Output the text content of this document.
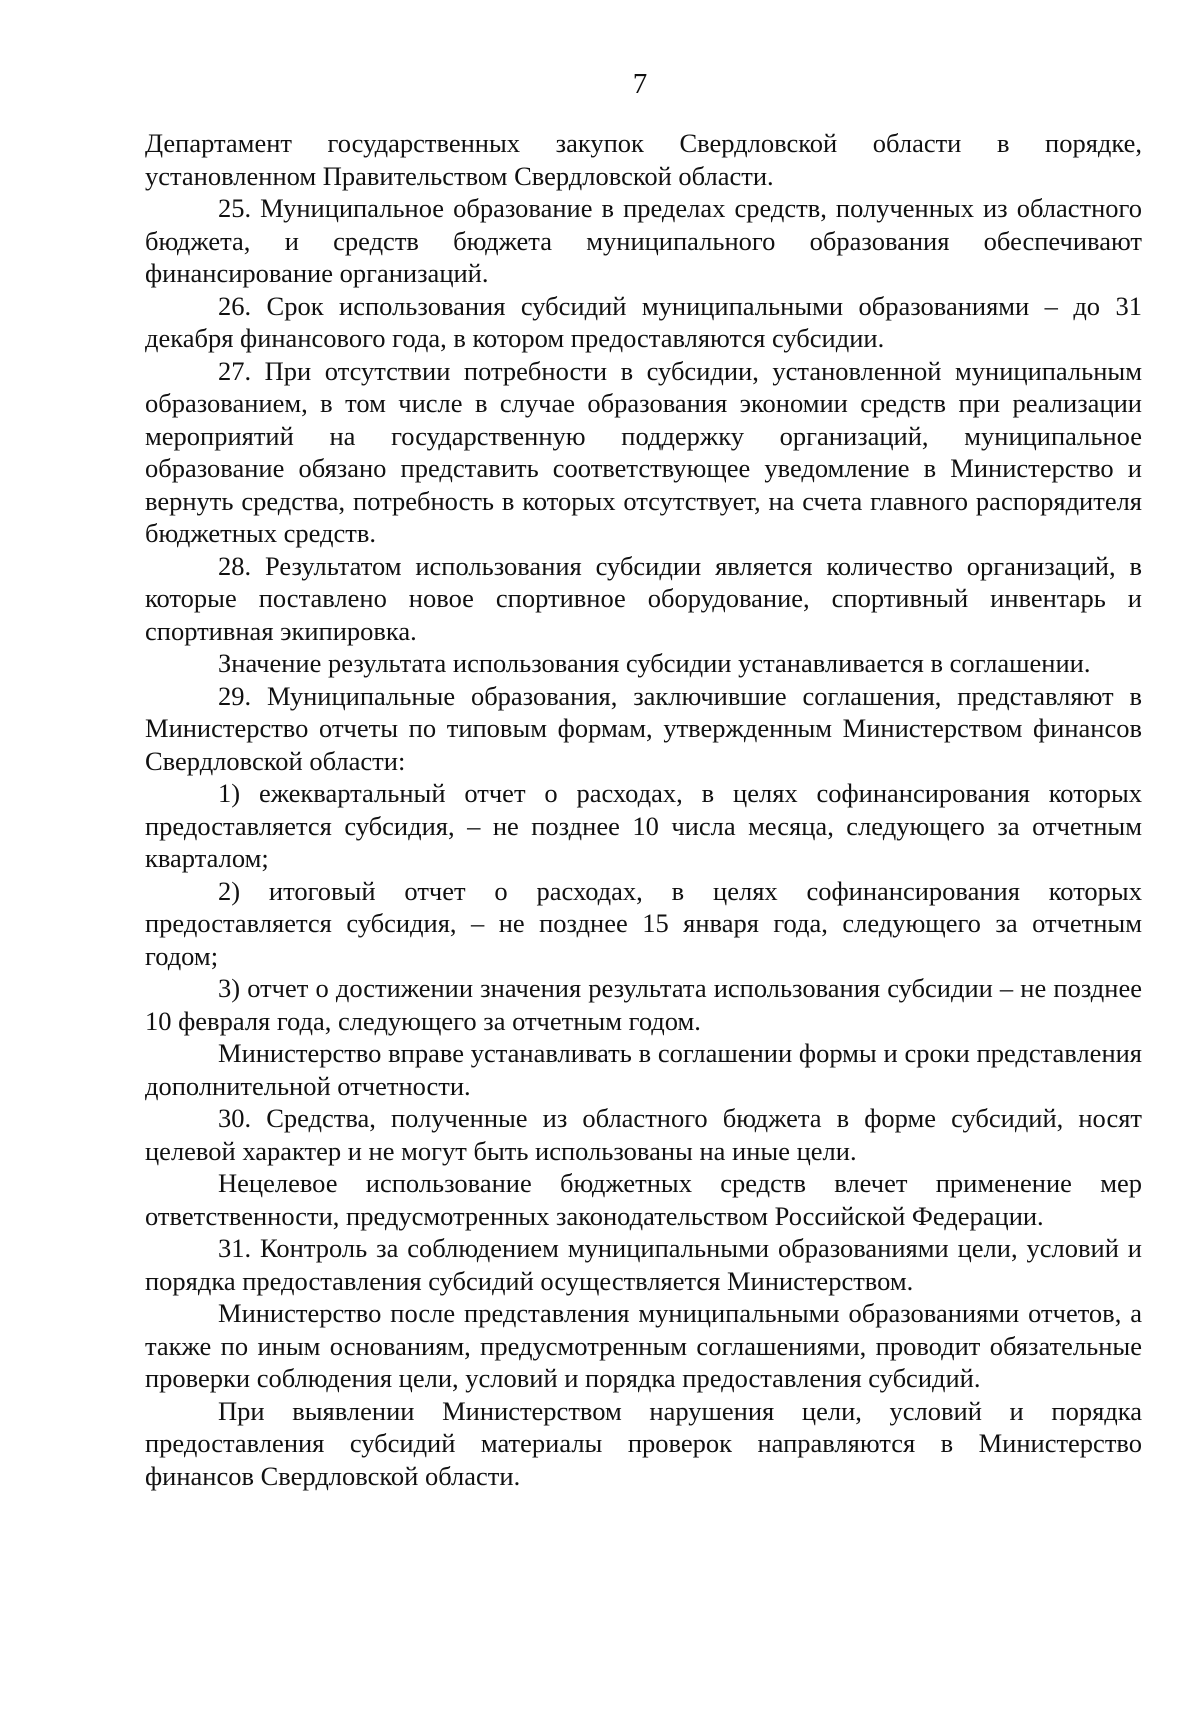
7

Департамент государственных закупок Свердловской области в порядке, установленном Правительством Свердловской области.

25. Муниципальное образование в пределах средств, полученных из областного бюджета, и средств бюджета муниципального образования обеспечивают финансирование организаций.

26. Срок использования субсидий муниципальными образованиями – до 31 декабря финансового года, в котором предоставляются субсидии.

27. При отсутствии потребности в субсидии, установленной муниципальным образованием, в том числе в случае образования экономии средств при реализации мероприятий на государственную поддержку организаций, муниципальное образование обязано представить соответствующее уведомление в Министерство и вернуть средства, потребность в которых отсутствует, на счета главного распорядителя бюджетных средств.

28. Результатом использования субсидии является количество организаций, в которые поставлено новое спортивное оборудование, спортивный инвентарь и спортивная экипировка.

Значение результата использования субсидии устанавливается в соглашении.

29. Муниципальные образования, заключившие соглашения, представляют в Министерство отчеты по типовым формам, утвержденным Министерством финансов Свердловской области:

1) ежеквартальный отчет о расходах, в целях софинансирования которых предоставляется субсидия, – не позднее 10 числа месяца, следующего за отчетным кварталом;

2) итоговый отчет о расходах, в целях софинансирования которых предоставляется субсидия, – не позднее 15 января года, следующего за отчетным годом;

3) отчет о достижении значения результата использования субсидии – не позднее 10 февраля года, следующего за отчетным годом.

Министерство вправе устанавливать в соглашении формы и сроки представления дополнительной отчетности.

30. Средства, полученные из областного бюджета в форме субсидий, носят целевой характер и не могут быть использованы на иные цели.

Нецелевое использование бюджетных средств влечет применение мер ответственности, предусмотренных законодательством Российской Федерации.

31. Контроль за соблюдением муниципальными образованиями цели, условий и порядка предоставления субсидий осуществляется Министерством.

Министерство после представления муниципальными образованиями отчетов, а также по иным основаниям, предусмотренным соглашениями, проводит обязательные проверки соблюдения цели, условий и порядка предоставления субсидий.

При выявлении Министерством нарушения цели, условий и порядка предоставления субсидий материалы проверок направляются в Министерство финансов Свердловской области.
